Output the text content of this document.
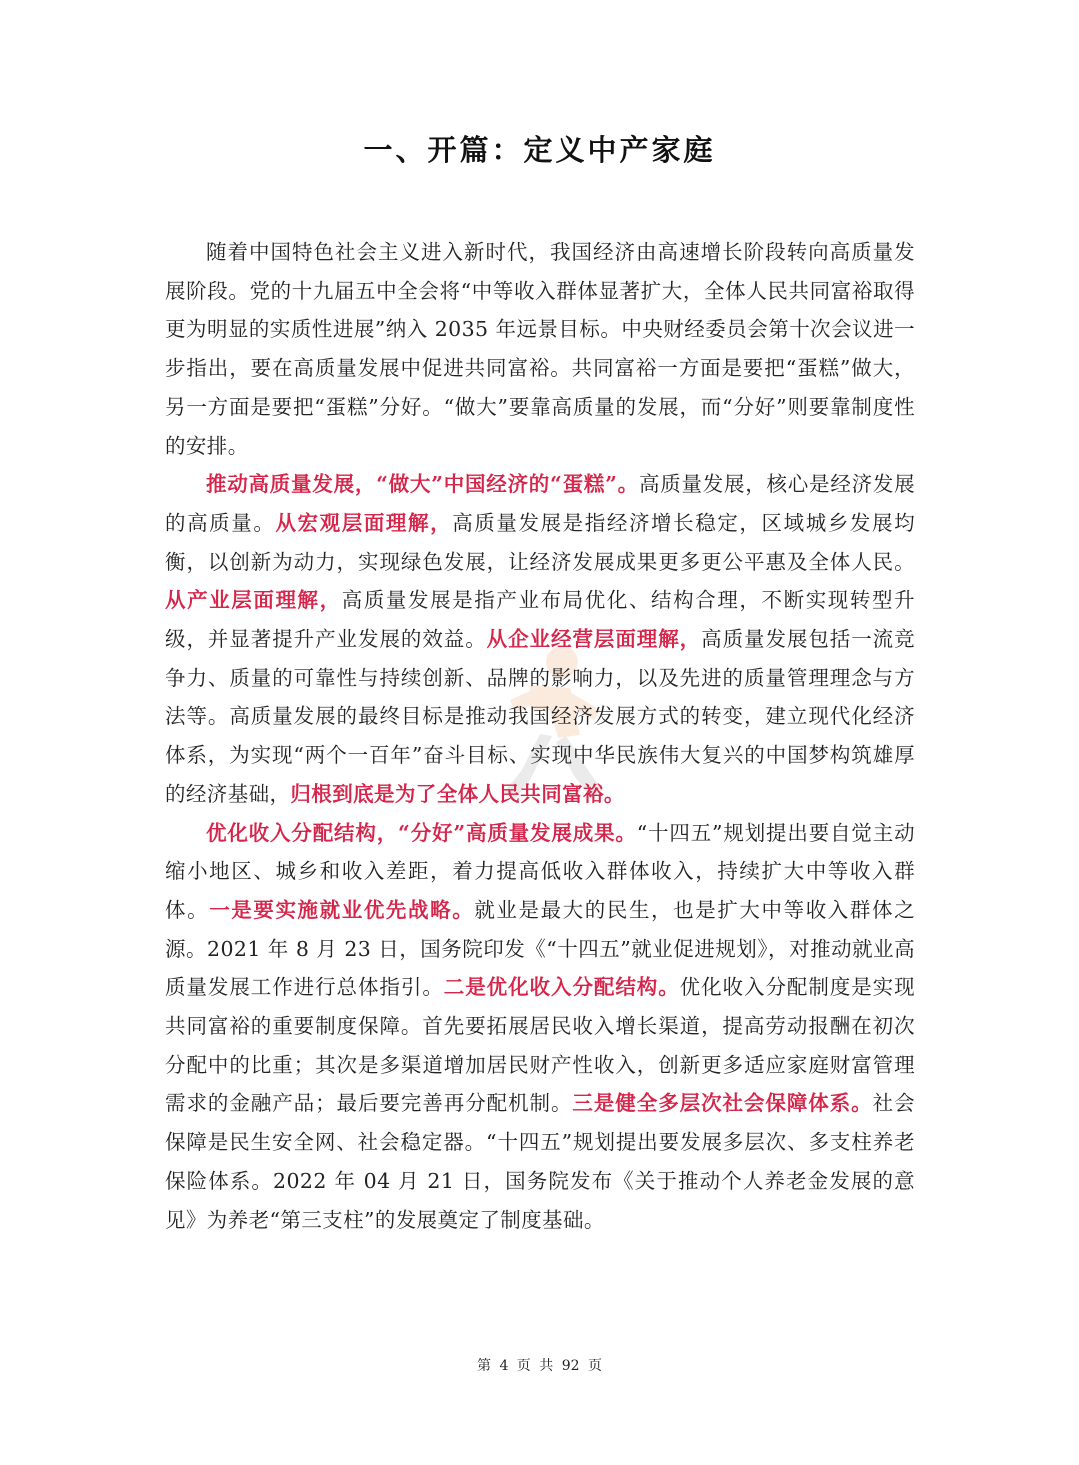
一、开篇：定义中产家庭

随着中国特色社会主义进入新时代，我国经济由高速增长阶段转向高质量发展阶段。党的十九届五中全会将“中等收入群体显著扩大，全体人民共同富裕取得更为明显的实质性进展”纳入 2035 年远景目标。中央财经委员会第十次会议进一步指出，要在高质量发展中促进共同富裕。共同富裕一方面是要把“蛋糕”做大，另一方面是要把“蛋糕”分好。“做大”要靠高质量的发展，而“分好”则要靠制度性的安排。

推动高质量发展，“做大”中国经济的“蛋糕”。高质量发展，核心是经济发展的高质量。从宏观层面理解，高质量发展是指经济增长稳定，区域城乡发展均衡，以创新为动力，实现绿色发展，让经济发展成果更多更公平惠及全体人民。从产业层面理解，高质量发展是指产业布局优化、结构合理，不断实现转型升级，并显著提升产业发展的效益。从企业经营层面理解，高质量发展包括一流竞争力、质量的可靠性与持续创新、品牌的影响力，以及先进的质量管理理念与方法等。高质量发展的最终目标是推动我国经济发展方式的转变，建立现代化经济体系，为实现“两个一百年”奋斗目标、实现中华民族伟大复兴的中国梦构筑雄厚的经济基础，归根到底是为了全体人民共同富裕。

优化收入分配结构，“分好”高质量发展成果。“十四五”规划提出要自觉主动缩小地区、城乡和收入差距，着力提高低收入群体收入，持续扩大中等收入群体。一是要实施就业优先战略。就业是最大的民生，也是扩大中等收入群体之源。2021 年 8 月 23 日，国务院印发《“十四五”就业促进规划》，对推动就业高质量发展工作进行总体指引。二是优化收入分配结构。优化收入分配制度是实现共同富裕的重要制度保障。首先要拓展居民收入增长渠道，提高劳动报酬在初次分配中的比重；其次是多渠道增加居民财产性收入，创新更多适应家庭财富管理需求的金融产品；最后要完善再分配机制。三是健全多层次社会保障体系。社会保障是民生安全网、社会稳定器。“十四五”规划提出要发展多层次、多支柱养老保险体系。2022 年 04 月 21 日，国务院发布《关于推动个人养老金发展的意见》为养老“第三支柱”的发展奠定了制度基础。

第 4 页 共 92 页
